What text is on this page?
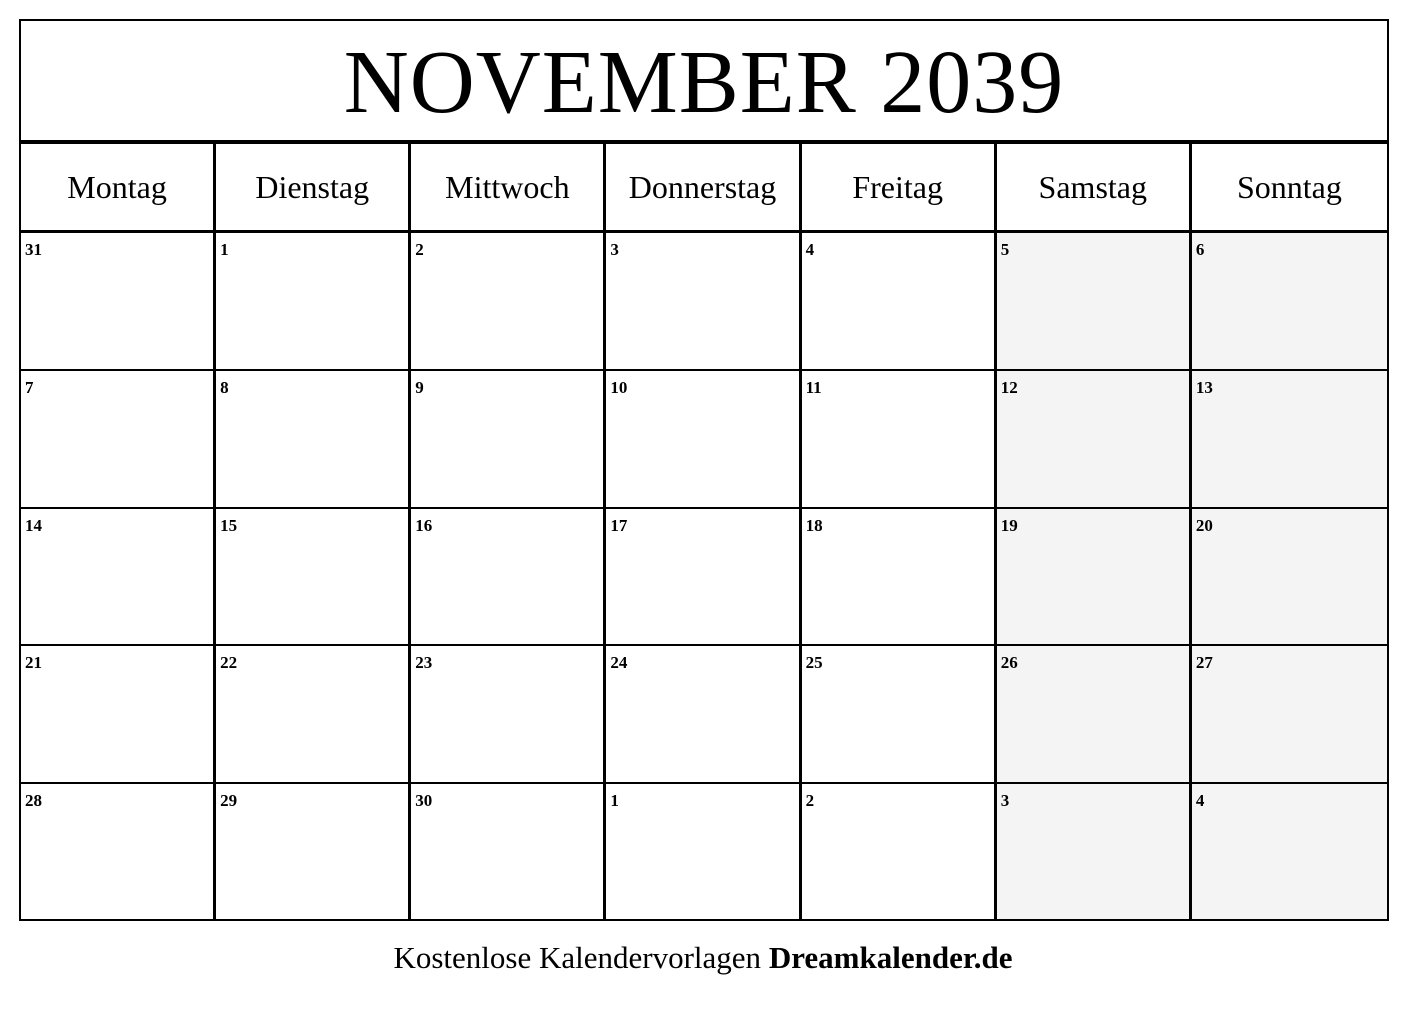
NOVEMBER 2039
Montag	Dienstag	Mittwoch	Donnerstag	Freitag	Samstag	Sonntag
31	1	2	3	4	5	6
7	8	9	10	11	12	13
14	15	16	17	18	19	20
21	22	23	24	25	26	27
28	29	30	1	2	3	4
Kostenlose Kalendervorlagen Dreamkalender.de
